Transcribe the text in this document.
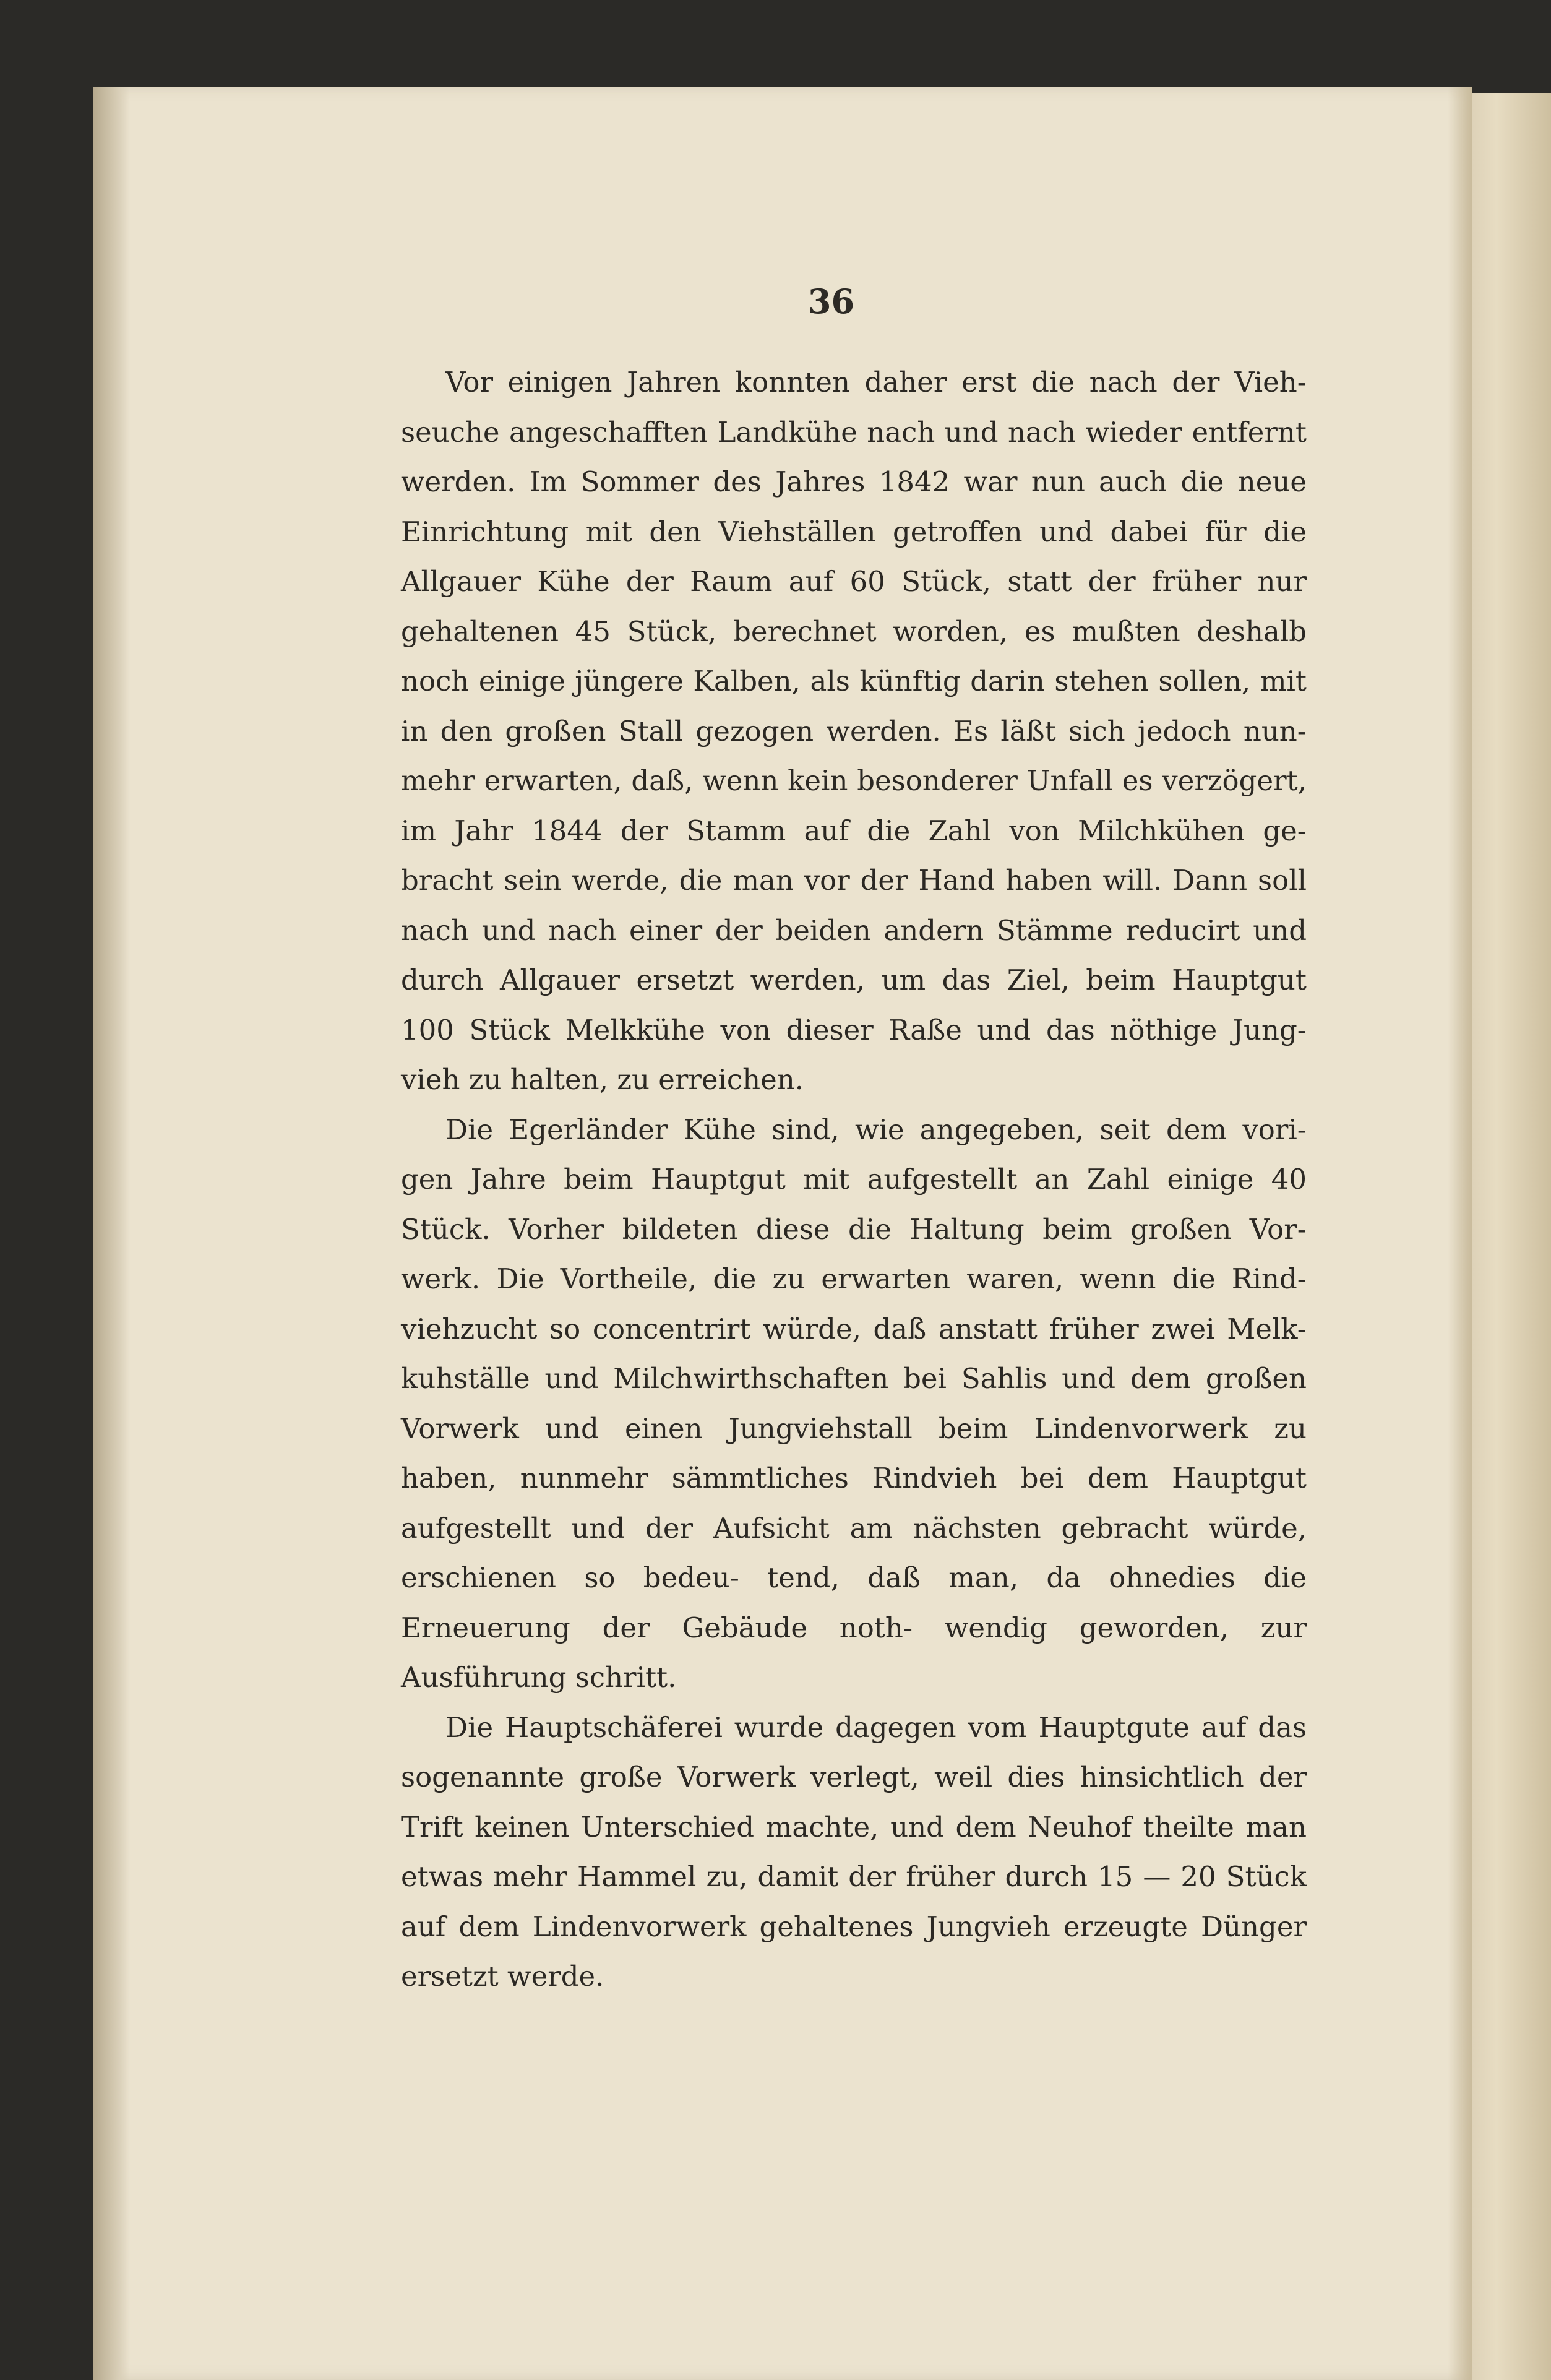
36

Vor einigen Jahren konnten daher erst die nach der Vieh- seuche angeschafften Landkühe nach und nach wieder entfernt werden. Im Sommer des Jahres 1842 war nun auch die neue Einrichtung mit den Viehställen getroffen und dabei für die Allgauer Kühe der Raum auf 60 Stück, statt der früher nur gehaltenen 45 Stück, berechnet worden, es mußten deshalb noch einige jüngere Kalben, als künftig darin stehen sollen, mit in den großen Stall gezogen werden. Es läßt sich jedoch nun- mehr erwarten, daß, wenn kein besonderer Unfall es verzögert, im Jahr 1844 der Stamm auf die Zahl von Milchkühen ge- bracht sein werde, die man vor der Hand haben will. Dann soll nach und nach einer der beiden andern Stämme reducirt und durch Allgauer ersetzt werden, um das Ziel, beim Hauptgut 100 Stück Melkkühe von dieser Raße und das nöthige Jung- vieh zu halten, zu erreichen.

Die Egerländer Kühe sind, wie angegeben, seit dem vori- gen Jahre beim Hauptgut mit aufgestellt an Zahl einige 40 Stück. Vorher bildeten diese die Haltung beim großen Vor- werk. Die Vortheile, die zu erwarten waren, wenn die Rind- viehzucht so concentrirt würde, daß anstatt früher zwei Melk- kuhställe und Milchwirthschaften bei Sahlis und dem großen Vorwerk und einen Jungviehstall beim Lindenvorwerk zu haben, nunmehr sämmtliches Rindvieh bei dem Hauptgut aufgestellt und der Aufsicht am nächsten gebracht würde, erschienen so bedeu- tend, daß man, da ohnedies die Erneuerung der Gebäude noth- wendig geworden, zur Ausführung schritt.

Die Hauptschäferei wurde dagegen vom Hauptgute auf das sogenannte große Vorwerk verlegt, weil dies hinsichtlich der Trift keinen Unterschied machte, und dem Neuhof theilte man etwas mehr Hammel zu, damit der früher durch 15 — 20 Stück auf dem Lindenvorwerk gehaltenes Jungvieh erzeugte Dünger ersetzt werde.
